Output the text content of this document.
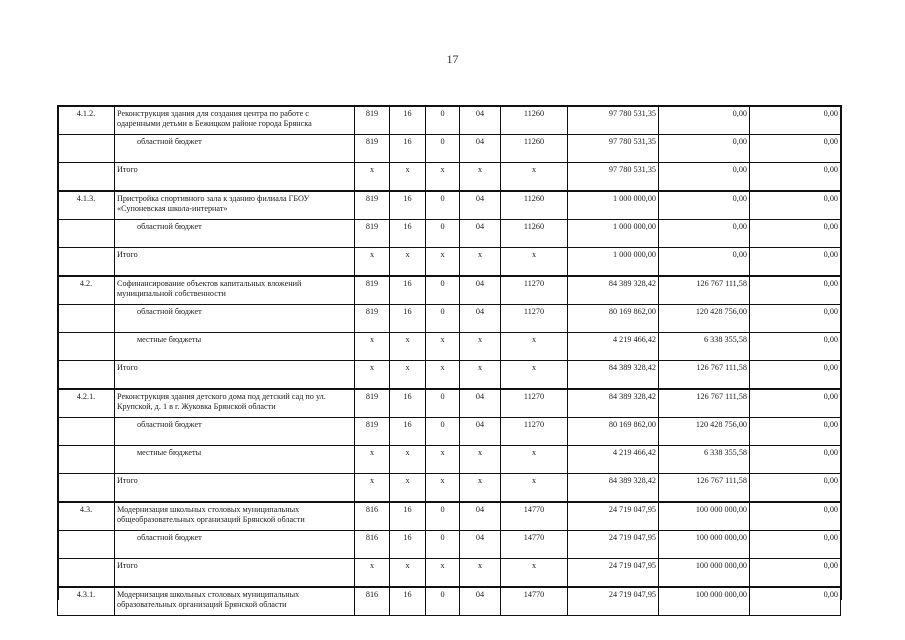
17
4.1.2.	Реконструкция здания для создания центра по работе с одаренными детьми в Бежицком районе города Брянска	819	16	0	04	11260	97 780 531,35	0,00	0,00
	областной бюджет	819	16	0	04	11260	97 780 531,35	0,00	0,00
	Итого	x	x	x	x	x	97 780 531,35	0,00	0,00
4.1.3.	Пристройка спортивного зала к зданию филиала ГБОУ «Супоневская школа-интернат»	819	16	0	04	11260	1 000 000,00	0,00	0,00
	областной бюджет	819	16	0	04	11260	1 000 000,00	0,00	0,00
	Итого	x	x	x	x	x	1 000 000,00	0,00	0,00
4.2.	Софинансирование объектов капитальных вложений муниципальной собственности	819	16	0	04	11270	84 389 328,42	126 767 111,58	0,00
	областной бюджет	819	16	0	04	11270	80 169 862,00	120 428 756,00	0,00
	местные бюджеты	x	x	x	x	x	4 219 466,42	6 338 355,58	0,00
	Итого	x	x	x	x	x	84 389 328,42	126 767 111,58	0,00
4.2.1.	Реконструкция здания детского дома под детский сад по ул. Крупской, д. 1 в г. Жуковка Брянской области	819	16	0	04	11270	84 389 328,42	126 767 111,58	0,00
	областной бюджет	819	16	0	04	11270	80 169 862,00	120 428 756,00	0,00
	местные бюджеты	x	x	x	x	x	4 219 466,42	6 338 355,58	0,00
	Итого	x	x	x	x	x	84 389 328,42	126 767 111,58	0,00
4.3.	Модернизация школьных столовых муниципальных общеобразовательных организаций Брянской области	816	16	0	04	14770	24 719 047,95	100 000 000,00	0,00
	областной бюджет	816	16	0	04	14770	24 719 047,95	100 000 000,00	0,00
	Итого	x	x	x	x	x	24 719 047,95	100 000 000,00	0,00
4.3.1.	Модернизация школьных столовых муниципальных образовательных организаций Брянской области	816	16	0	04	14770	24 719 047,95	100 000 000,00	0,00
